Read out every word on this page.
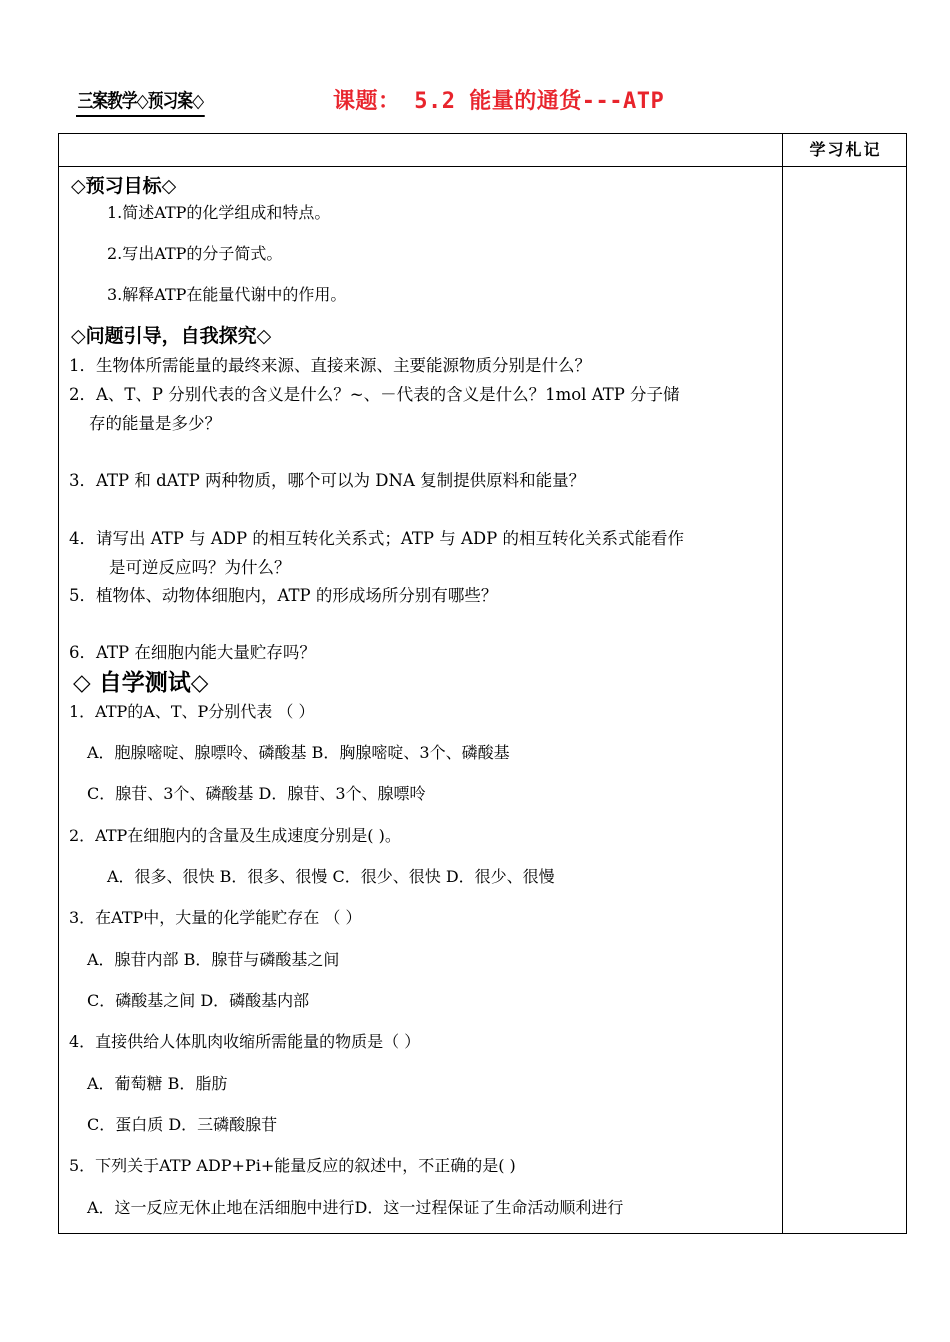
三案教学◇预习案◇	课题： 5.2 能量的通货---ATP
学习札记
◇预习目标◇
1.简述ATP的化学组成和特点。
2.写出ATP的分子简式。
3.解释ATP在能量代谢中的作用。
◇问题引导，自我探究◇
1．生物体所需能量的最终来源、直接来源、主要能源物质分别是什么？
2．A、T、P 分别代表的含义是什么？~、－代表的含义是什么？1mol ATP 分子储
存的能量是多少？
3．ATP 和 dATP 两种物质，哪个可以为 DNA 复制提供原料和能量？
4．请写出 ATP 与 ADP 的相互转化关系式；ATP 与 ADP 的相互转化关系式能看作
是可逆反应吗？为什么？
5．植物体、动物体细胞内，ATP 的形成场所分别有哪些？
6．ATP 在细胞内能大量贮存吗？
◇ 自学测试◇
1．ATP的A、T、P分别代表 （ ）
A．胞腺嘧啶、腺嘌呤、磷酸基 B．胸腺嘧啶、3个、磷酸基
C．腺苷、3个、磷酸基 D．腺苷、3个、腺嘌呤
2．ATP在细胞内的含量及生成速度分别是( )。
A．很多、很快 B．很多、很慢 C．很少、很快 D．很少、很慢
3．在ATP中，大量的化学能贮存在 （ ）
A．腺苷内部 B．腺苷与磷酸基之间
C．磷酸基之间 D．磷酸基内部
4．直接供给人体肌肉收缩所需能量的物质是（ ）
A．葡萄糖 B．脂肪
C．蛋白质 D．三磷酸腺苷
5．下列关于ATP ADP+Pi+能量反应的叙述中，不正确的是( )
A．这一反应无休止地在活细胞中进行D．这一过程保证了生命活动顺利进行
